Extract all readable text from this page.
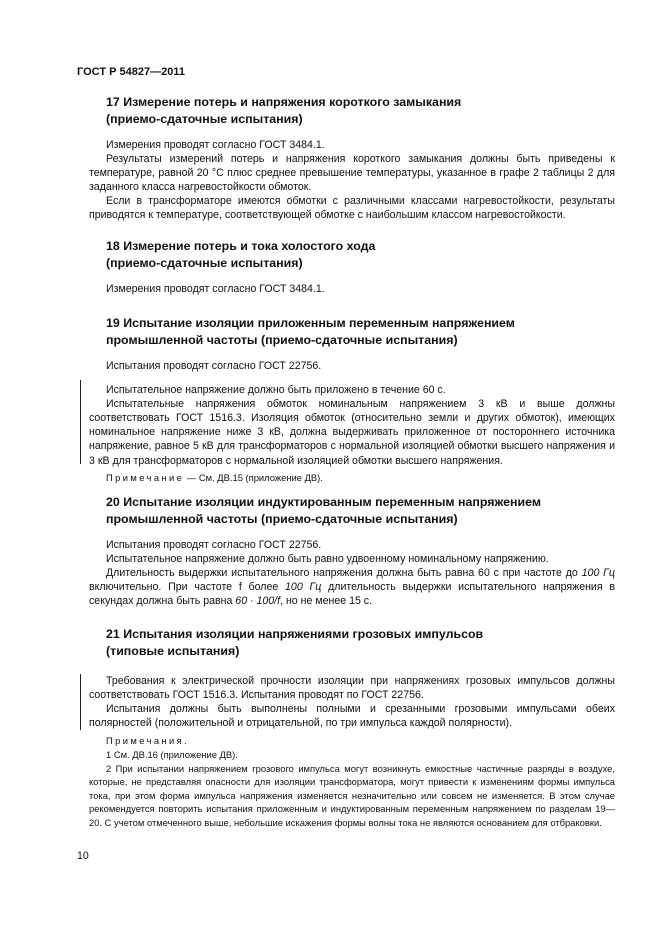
ГОСТ Р 54827—2011
17 Измерение потерь и напряжения короткого замыкания
(приемо-сдаточные испытания)
Измерения проводят согласно ГОСТ 3484.1.
Результаты измерений потерь и напряжения короткого замыкания должны быть приведены к температуре, равной 20 °С плюс среднее превышение температуры, указанное в графе 2 таблицы 2 для заданного класса нагревостойкости обмоток.
Если в трансформаторе имеются обмотки с различными классами нагревостойкости, результаты приводятся к температуре, соответствующей обмотке с наибольшим классом нагревостойкости.
18 Измерение потерь и тока холостого хода
(приемо-сдаточные испытания)
Измерения проводят согласно ГОСТ 3484.1.
19 Испытание изоляции приложенным переменным напряжением
промышленной частоты (приемо-сдаточные испытания)
Испытания проводят согласно ГОСТ 22756.
Испытательное напряжение должно быть приложено в течение 60 с.
Испытательные напряжения обмоток номинальным напряжением 3 кВ и выше должны соответствовать ГОСТ 1516.3. Изоляция обмоток (относительно земли и других обмоток), имеющих номинальное напряжение ниже 3 кВ, должна выдерживать приложенное от постороннего источника напряжение, равное 5 кВ для трансформаторов с нормальной изоляцией обмотки высшего напряжения и 3 кВ для трансформаторов с нормальной изоляцией обмотки высшего напряжения.
Примечание — См. ДВ.15 (приложение ДВ).
20 Испытание изоляции индуктированным переменным напряжением
промышленной частоты (приемо-сдаточные испытания)
Испытания проводят согласно ГОСТ 22756.
Испытательное напряжение должно быть равно удвоенному номинальному напряжению.
Длительность выдержки испытательного напряжения должна быть равна 60 с при частоте до 100 Гц включительно. При частоте f более 100 Гц длительность выдержки испытательного напряжения в секундах должна быть равна 60 · 100/f, но не менее 15 с.
21 Испытания изоляции напряжениями грозовых импульсов
(типовые испытания)
Требования к электрической прочности изоляции при напряжениях грозовых импульсов должны соответствовать ГОСТ 1516.3. Испытания проводят по ГОСТ 22756.
Испытания должны быть выполнены полными и срезанными грозовыми импульсами обеих полярностей (положительной и отрицательной, по три импульса каждой полярности).
Примечания.
1 См. ДВ.16 (приложение ДВ).
2 При испытании напряжением грозового импульса могут возникнуть емкостные частичные разряды в воздухе, которые, не представляя опасности для изоляции трансформатора, могут привести к изменениям формы импульса тока, при этом форма импульса напряжения изменяется незначительно или совсем не изменяется. В этом случае рекомендуется повторить испытания приложенным и индуктированным переменным напряжением по разделам 19—20. С учетом отмеченного выше, небольшие искажения формы волны тока не являются основанием для отбраковки.
10
